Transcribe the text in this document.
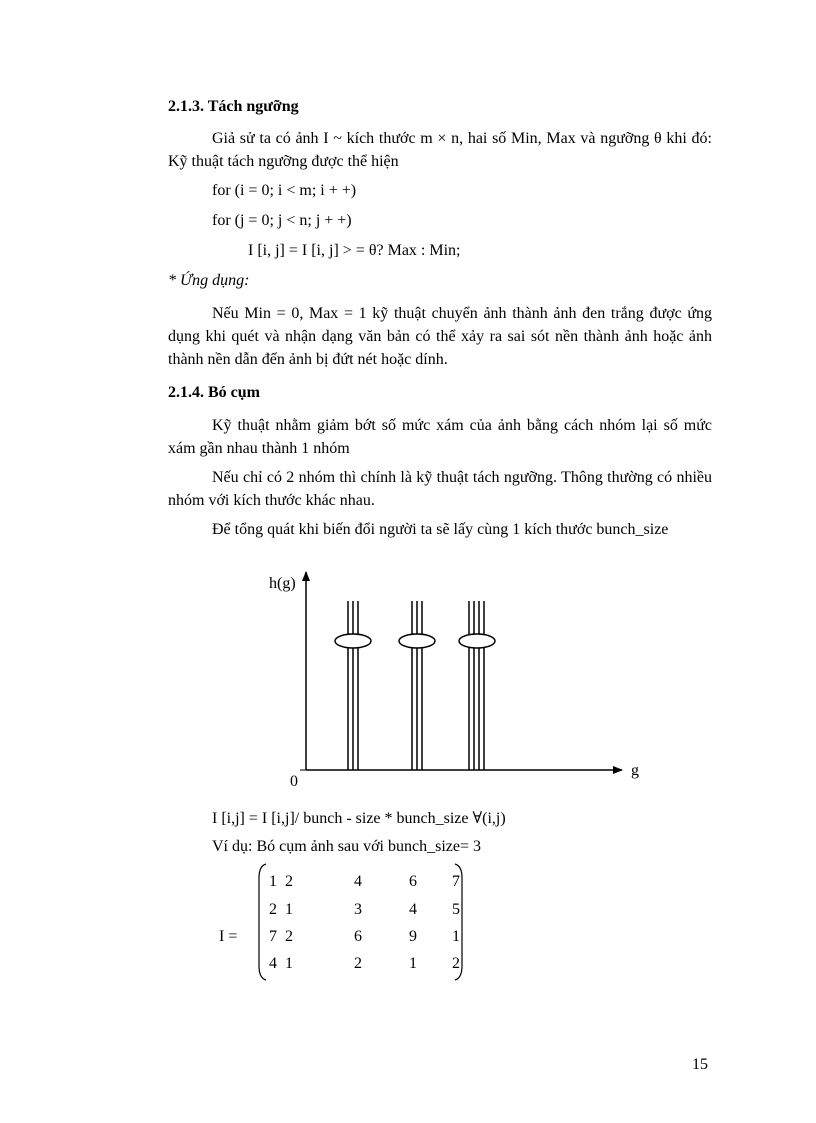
2.1.3. Tách ngưỡng
Giả sử ta có ảnh I ~ kích thước m × n, hai số Min, Max và ngưỡng θ khi đó: Kỹ thuật tách ngưỡng được thể hiện
for (i = 0; i < m; i + +)
for (j = 0; j < n; j + +)
I [i, j] = I [i, j] > = θ? Max : Min;
* Ứng dụng:
Nếu Min = 0, Max = 1 kỹ thuật chuyển ảnh thành ảnh đen trắng được ứng dụng khi quét và nhận dạng văn bản có thể xảy ra sai sót nền thành ảnh hoặc ảnh thành nền dẫn đến ảnh bị đứt nét hoặc dính.
2.1.4. Bó cụm
Kỹ thuật nhằm giảm bớt số mức xám của ảnh bằng cách nhóm lại số mức xám gần nhau thành 1 nhóm
Nếu chỉ có 2 nhóm thì chính là kỹ thuật tách ngưỡng. Thông thường có nhiều nhóm với kích thước khác nhau.
Để tổng quát khi biến đổi người ta sẽ lấy cùng 1 kích thước bunch_size
h(g)
g
0
I [i,j] = I [i,j]/ bunch - size * bunch_size ∀(i,j)
Ví dụ: Bó cụm ảnh sau với bunch_size= 3
I =
1 2	4	6	7
2 1	3	4	5
7 2	6	9	1
4 1	2	1	2
15
